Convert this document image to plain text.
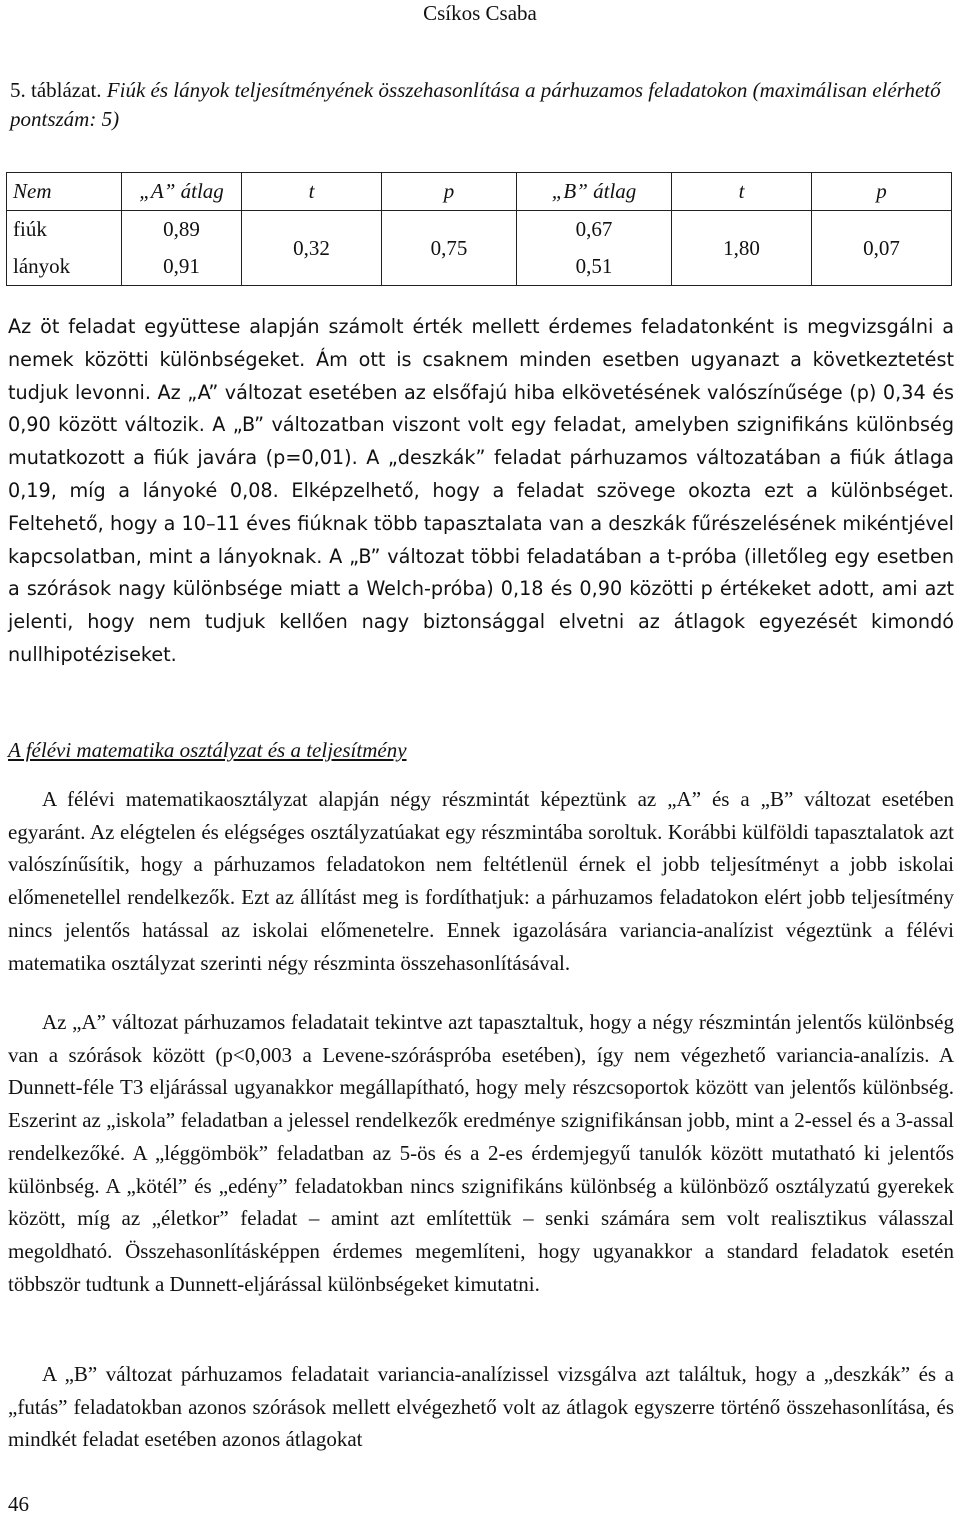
Csíkos Csaba
5. táblázat. Fiúk és lányok teljesítményének összehasonlítása a párhuzamos feladatokon (maximálisan elérhető pontszám: 5)
Nem	„A” átlag	t	p	„B” átlag	t	p
fiúk	0,89	0,32	0,75	0,67	1,80	0,07
lányok	0,91			0,51		

Az öt feladat együttese alapján számolt érték mellett érdemes feladatonként is megvizsgálni a nemek közötti különbségeket. Ám ott is csaknem minden esetben ugyanazt a következtetést tudjuk levonni. Az „A” változat esetében az elsőfajú hiba elkövetésének valószínűsége (p) 0,34 és 0,90 között változik. A „B” változatban viszont volt egy feladat, amelyben szignifikáns különbség mutatkozott a fiúk javára (p=0,01). A „deszkák” feladat párhuzamos változatában a fiúk átlaga 0,19, míg a lányoké 0,08. Elképzelhető, hogy a feladat szövege okozta ezt a különbséget. Feltehető, hogy a 10–11 éves fiúknak több tapasztalata van a deszkák fűrészelésének mikéntjével kapcsolatban, mint a lányoknak. A „B” változat többi feladatában a t-próba (illetőleg egy esetben a szórások nagy különbsége miatt a Welch-próba) 0,18 és 0,90 közötti p értékeket adott, ami azt jelenti, hogy nem tudjuk kellően nagy biztonsággal elvetni az átlagok egyezését kimondó nullhipotéziseket.

A félévi matematika osztályzat és a teljesítmény

A félévi matematikaosztályzat alapján négy részmintát képeztünk az „A” és a „B” változat esetében egyaránt. Az elégtelen és elégséges osztályzatúakat egy részmintába soroltuk. Korábbi külföldi tapasztalatok azt valószínűsítik, hogy a párhuzamos feladatokon nem feltétlenül érnek el jobb teljesítményt a jobb iskolai előmenetellel rendelkezők. Ezt az állítást meg is fordíthatjuk: a párhuzamos feladatokon elért jobb teljesítmény nincs jelentős hatással az iskolai előmenetelre. Ennek igazolására variancia-analízist végeztünk a félévi matematika osztályzat szerinti négy részminta összehasonlításával.

Az „A” változat párhuzamos feladatait tekintve azt tapasztaltuk, hogy a négy részmintán jelentős különbség van a szórások között (p<0,003 a Levene-szóráspróba esetében), így nem végezhető variancia-analízis. A Dunnett-féle T3 eljárással ugyanakkor megállapítható, hogy mely részcsoportok között van jelentős különbség. Eszerint az „iskola” feladatban a jelessel rendelkezők eredménye szignifikánsan jobb, mint a 2-essel és a 3-assal rendelkezőké. A „léggömbök” feladatban az 5-ös és a 2-es érdemjegyű tanulók között mutatható ki jelentős különbség. A „kötél” és „edény” feladatokban nincs szignifikáns különbség a különböző osztályzatú gyerekek között, míg az „életkor” feladat – amint azt említettük – senki számára sem volt realisztikus válasszal megoldható. Összehasonlításképpen érdemes megemlíteni, hogy ugyanakkor a standard feladatok esetén többször tudtunk a Dunnett-eljárással különbségeket kimutatni.

A „B” változat párhuzamos feladatait variancia-analízissel vizsgálva azt találtuk, hogy a „deszkák” és a „futás” feladatokban azonos szórások mellett elvégezhető volt az átlagok egyszerre történő összehasonlítása, és mindkét feladat esetében azonos átlagokat

46
